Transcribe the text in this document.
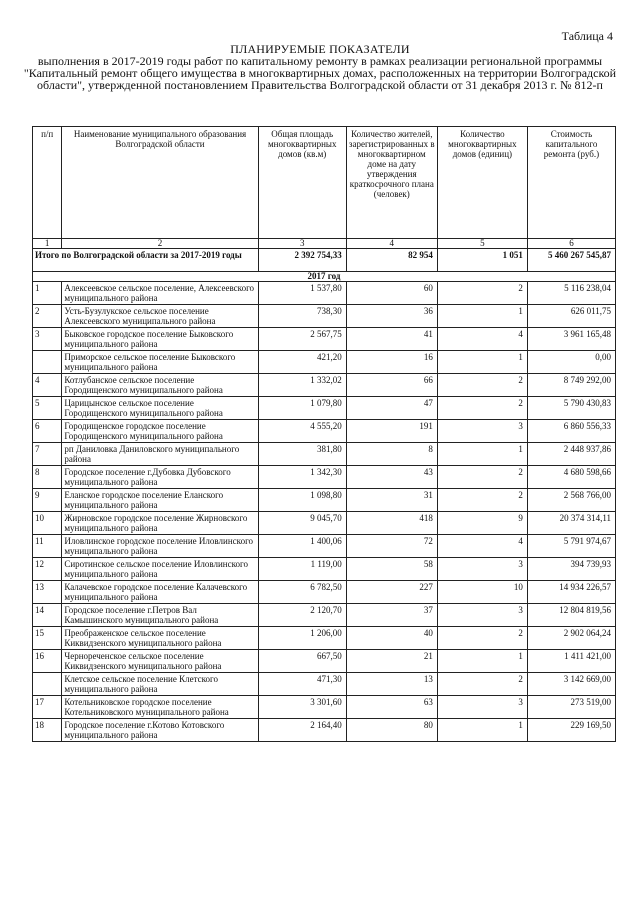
Таблица 4
ПЛАНИРУЕМЫЕ ПОКАЗАТЕЛИ
выполнения в 2017-2019 годы работ по капитальному ремонту в рамках реализации региональной программы "Капитальный ремонт общего имущества в многоквартирных домах, расположенных на территории Волгоградской области", утвержденной постановлением Правительства Волгоградской области от 31 декабря 2013 г. № 812-п
п/п	Наименование муниципального образования Волгоградской области	Общая площадь многоквартирных домов (кв.м)	Количество жителей, зарегистрированных в многоквартирном доме на дату утверждения краткосрочного плана (человек)	Количество многоквартирных домов (единиц)	Стоимость капитального ремонта (руб.)
1	2	3	4	5	6
Итого по Волгоградской области за 2017-2019 годы		2 392 754,33	82 954	1 051	5 460 267 545,87
2017 год					
1	Алексеевское сельское поселение, Алексеевского муниципального района	1 537,80	60	2	5 116 238,04
2	Усть-Бузулукское сельское поселение Алексеевского муниципального района	738,30	36	1	626 011,75
3	Быковское городское поселение Быковского муниципального района	2 567,75	41	4	3 961 165,48
	Приморское сельское поселение Быковского муниципального района	421,20	16	1	0,00
4	Котлубанское сельское поселение Городищенского муниципального района	1 332,02	66	2	8 749 292,00
5	Царицынское сельское поселение Городищенского муниципального района	1 079,80	47	2	5 790 430,83
6	Городищенское городское поселение Городищенского муниципального района	4 555,20	191	3	6 860 556,33
7	рп Даниловка Даниловского муниципального района	381,80	8	1	2 448 937,86
8	Городское поселение г.Дубовка Дубовского муниципального района	1 342,30	43	2	4 680 598,66
9	Еланское городское поселение Еланского муниципального района	1 098,80	31	2	2 568 766,00
10	Жирновское городское поселение Жирновского муниципального района	9 045,70	418	9	20 374 314,11
11	Иловлинское городское поселение Иловлинского муниципального района	1 400,06	72	4	5 791 974,67
12	Сиротинское сельское поселение Иловлинского муниципального района	1 119,00	58	3	394 739,93
13	Калачевское городское поселение Калачевского муниципального района	6 782,50	227	10	14 934 226,57
14	Городское поселение г.Петров Вал Камышинского муниципального района	2 120,70	37	3	12 804 819,56
15	Преображенское сельское поселение Киквидзенского муниципального района	1 206,00	40	2	2 902 064,24
16	Чернореченское сельское поселение Киквидзенского муниципального района	667,50	21	1	1 411 421,00
	Клетское сельское поселение Клетского муниципального района	471,30	13	2	3 142 669,00
17	Котельниковское городское поселение Котельниковского муниципального района	3 301,60	63	3	273 519,00
18	Городское поселение г.Котово Котовского муниципального района	2 164,40	80	1	229 169,50
